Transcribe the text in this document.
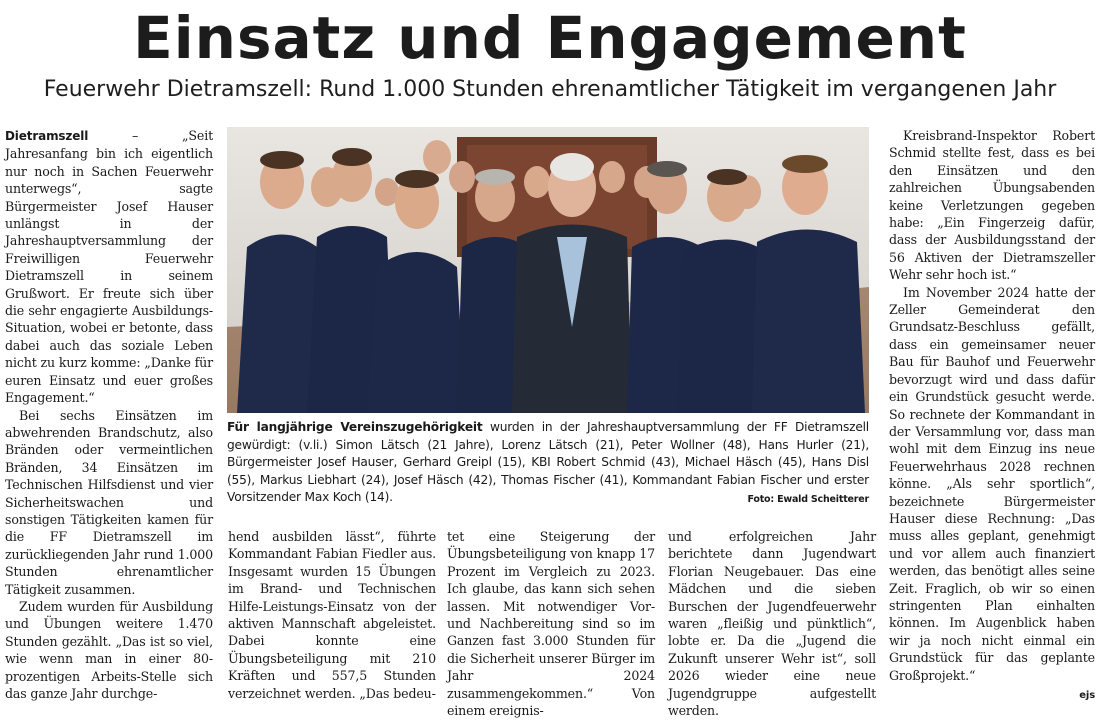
Einsatz und Engagement
Feuerwehr Dietramszell: Rund 1.000 Stunden ehrenamtlicher Tätigkeit im vergangenen Jahr

Dietramszell – „Seit Jahresanfang bin ich eigentlich nur noch in Sachen Feuerwehr unterwegs“, sagte Bürgermeister Josef Hauser unlängst in der Jahreshauptversammlung der Freiwilligen Feuerwehr Dietramszell in seinem Grußwort. Er freute sich über die sehr engagierte Ausbildungs-Situation, wobei er betonte, dass dabei auch das soziale Leben nicht zu kurz komme: „Danke für euren Einsatz und euer großes Engagement.“

Bei sechs Einsätzen im abwehrenden Brandschutz, also Bränden oder vermeintlichen Bränden, 34 Einsätzen im Technischen Hilfsdienst und vier Sicherheitswachen und sonstigen Tätigkeiten kamen für die FF Dietramszell im zurückliegenden Jahr rund 1.000 Stunden ehrenamtlicher Tätigkeit zusammen.

Zudem wurden für Ausbildung und Übungen weitere 1.470 Stunden gezählt. „Das ist so viel, wie wenn man in einer 80-prozentigen Arbeits-Stelle sich das ganze Jahr durchge-

Für langjährige Vereinszugehörigkeit wurden in der Jahreshauptversammlung der FF Dietramszell gewürdigt: (v.li.) Simon Lätsch (21 Jahre), Lorenz Lätsch (21), Peter Wollner (48), Hans Hurler (21), Bürgermeister Josef Hauser, Gerhard Greipl (15), KBI Robert Schmid (43), Michael Häsch (45), Hans Disl (55), Markus Liebhart (24), Josef Häsch (42), Thomas Fischer (41), Kommandant Fabian Fischer und erster Vorsitzender Max Koch (14).	Foto: Ewald Scheitterer

hend ausbilden lässt“, führte Kommandant Fabian Fiedler aus. Insgesamt wurden 15 Übungen im Brand- und Technischen Hilfe-Leistungs-Einsatz von der aktiven Mannschaft abgeleistet. Dabei konnte eine Übungsbeteiligung mit 210 Kräften und 557,5 Stunden verzeichnet werden. „Das bedeu-

tet eine Steigerung der Übungsbeteiligung von knapp 17 Prozent im Vergleich zu 2023. Ich glaube, das kann sich sehen lassen. Mit notwendiger Vor- und Nachbereitung sind so im Ganzen fast 3.000 Stunden für die Sicherheit unserer Bürger im Jahr 2024 zusammengekommen.“ Von einem ereignis-

und erfolgreichen Jahr berichtete dann Jugendwart Florian Neugebauer. Das eine Mädchen und die sieben Burschen der Jugendfeuerwehr waren „fleißig und pünktlich“, lobte er. Da die „Jugend die Zukunft unserer Wehr ist“, soll 2026 wieder eine neue Jugendgruppe aufgestellt werden.

Kreisbrand-Inspektor Robert Schmid stellte fest, dass es bei den Einsätzen und den zahlreichen Übungsabenden keine Verletzungen gegeben habe: „Ein Fingerzeig dafür, dass der Ausbildungsstand der 56 Aktiven der Dietramszeller Wehr sehr hoch ist.“

Im November 2024 hatte der Zeller Gemeinderat den Grundsatz-Beschluss gefällt, dass ein gemeinsamer neuer Bau für Bauhof und Feuerwehr bevorzugt wird und dass dafür ein Grundstück gesucht werde. So rechnete der Kommandant in der Versammlung vor, dass man wohl mit dem Einzug ins neue Feuerwehrhaus 2028 rechnen könne. „Als sehr sportlich“, bezeichnete Bürgermeister Hauser diese Rechnung: „Das muss alles geplant, genehmigt und vor allem auch finanziert werden, das benötigt alles seine Zeit. Fraglich, ob wir so einen stringenten Plan einhalten können. Im Augenblick haben wir ja noch nicht einmal ein Grundstück für das geplante Großprojekt.“

ejs
